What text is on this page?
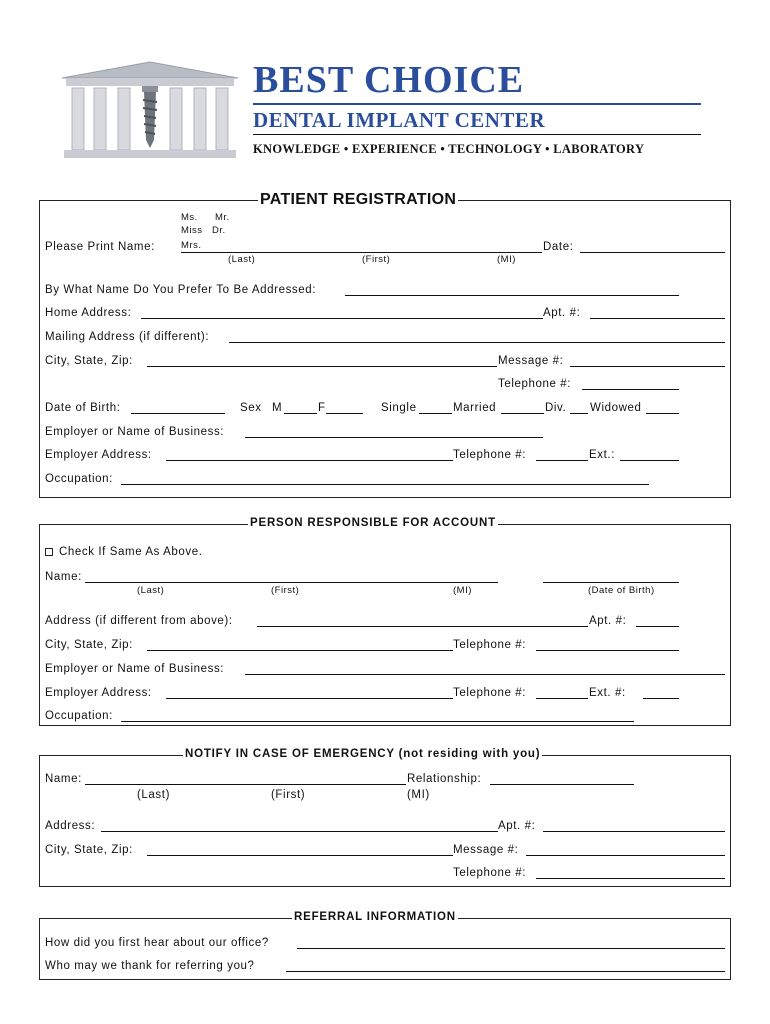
BEST CHOICE
DENTAL IMPLANT CENTER
KNOWLEDGE • EXPERIENCE • TECHNOLOGY • LABORATORY
PATIENT REGISTRATION
Ms. Mr.
Miss Dr.
Mrs.
Please Print Name:	Date:
(Last)	(First)	(MI)
By What Name Do You Prefer To Be Addressed:
Home Address:	Apt. #:
Mailing Address (if different):
City, State, Zip:	Message #:
Telephone #:
Date of Birth:	Sex M	F	Single	Married	Div. Widowed
Employer or Name of Business:
Employer Address:	Telephone #:	Ext.:
Occupation:
PERSON RESPONSIBLE FOR ACCOUNT
Check If Same As Above.
Name:
(Last)	(First)	(MI)	(Date of Birth)
Address (if different from above):	Apt. #:
City, State, Zip:	Telephone #:
Employer or Name of Business:
Employer Address:	Telephone #:	Ext. #:
Occupation:
NOTIFY IN CASE OF EMERGENCY (not residing with you)
Name:	Relationship:
(Last)	(First)	(MI)
Address:	Apt. #:
City, State, Zip:	Message #:
Telephone #:
REFERRAL INFORMATION
How did you first hear about our office?
Who may we thank for referring you?
